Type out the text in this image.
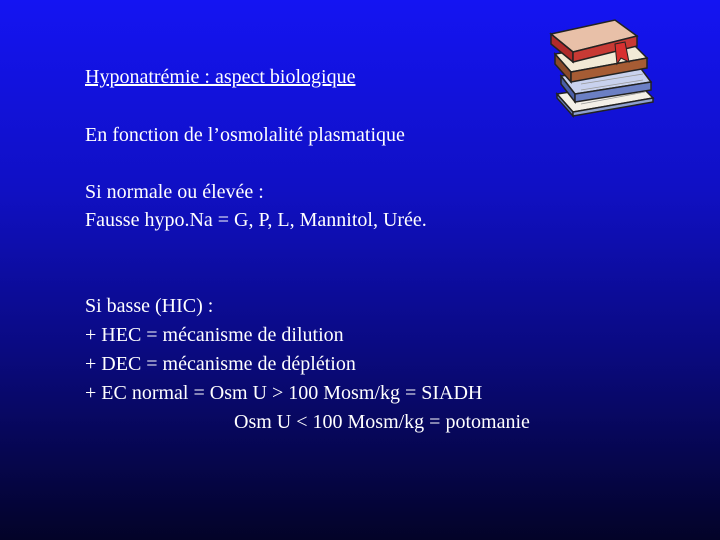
Hyponatrémie : aspect biologique
En fonction de l’osmolalité plasmatique
Si normale ou élevée :
Fausse hypo.Na = G, P, L, Mannitol, Urée.
Si basse (HIC) :
+ HEC = mécanisme de dilution
+ DEC = mécanisme de déplétion
+ EC normal = Osm U > 100 Mosm/kg = SIADH
Osm U < 100 Mosm/kg = potomanie
